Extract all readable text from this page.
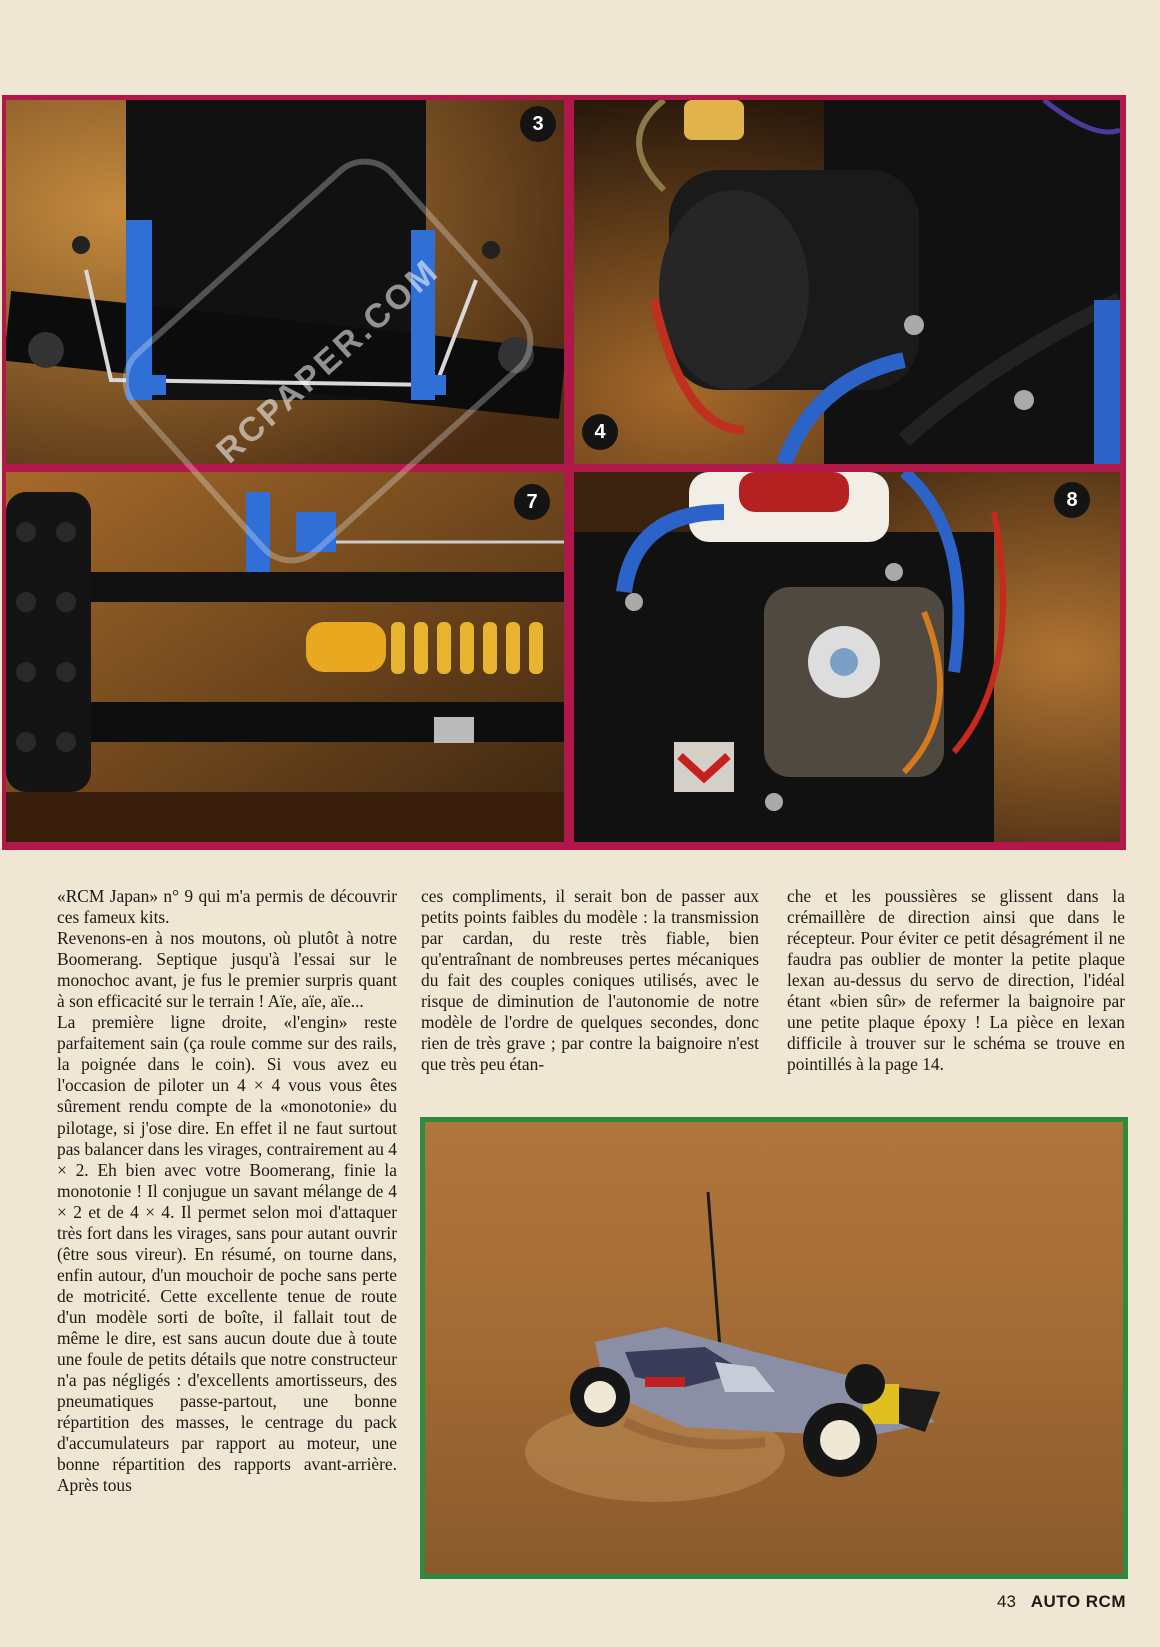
3
4
7	8
RCPAPER.COM

«RCM Japan» n° 9 qui m'a permis de découvrir ces fameux kits.

Revenons-en à nos moutons, où plutôt à notre Boomerang. Septique jusqu'à l'essai sur le monochoc avant, je fus le premier surpris quant à son efficacité sur le terrain ! Aïe, aïe, aïe...

La première ligne droite, «l'engin» reste parfaitement sain (ça roule comme sur des rails, la poignée dans le coin). Si vous avez eu l'occasion de piloter un 4 × 4 vous vous êtes sûrement rendu compte de la «monotonie» du pilotage, si j'ose dire. En effet il ne faut surtout pas balancer dans les virages, contrairement au 4 × 2. Eh bien avec votre Boomerang, finie la monotonie ! Il conjugue un savant mélange de 4 × 2 et de 4 × 4. Il permet selon moi d'attaquer très fort dans les virages, sans pour autant ouvrir (être sous vireur). En résumé, on tourne dans, enfin autour, d'un mouchoir de poche sans perte de motricité. Cette excellente tenue de route d'un modèle sorti de boîte, il fallait tout de même le dire, est sans aucun doute due à toute une foule de petits détails que notre constructeur n'a pas négligés : d'excellents amortisseurs, des pneumatiques passe-partout, une bonne répartition des masses, le centrage du pack d'accumulateurs par rapport au moteur, une bonne répartition des rapports avant-arrière. Après tous

ces compliments, il serait bon de passer aux petits points faibles du modèle : la transmission par cardan, du reste très fiable, bien qu'entraînant de nombreuses pertes mécaniques du fait des couples coniques utilisés, avec le risque de diminution de l'autonomie de notre modèle de l'ordre de quelques secondes, donc rien de très grave ; par contre la baignoire n'est que très peu étan-

che et les poussières se glissent dans la crémaillère de direction ainsi que dans le récepteur. Pour éviter ce petit désagrément il ne faudra pas oublier de monter la petite plaque lexan au-dessus du servo de direction, l'idéal étant «bien sûr» de refermer la baignoire par une petite plaque époxy ! La pièce en lexan difficile à trouver sur le schéma se trouve en pointillés à la page 14.

43 AUTO RCM
